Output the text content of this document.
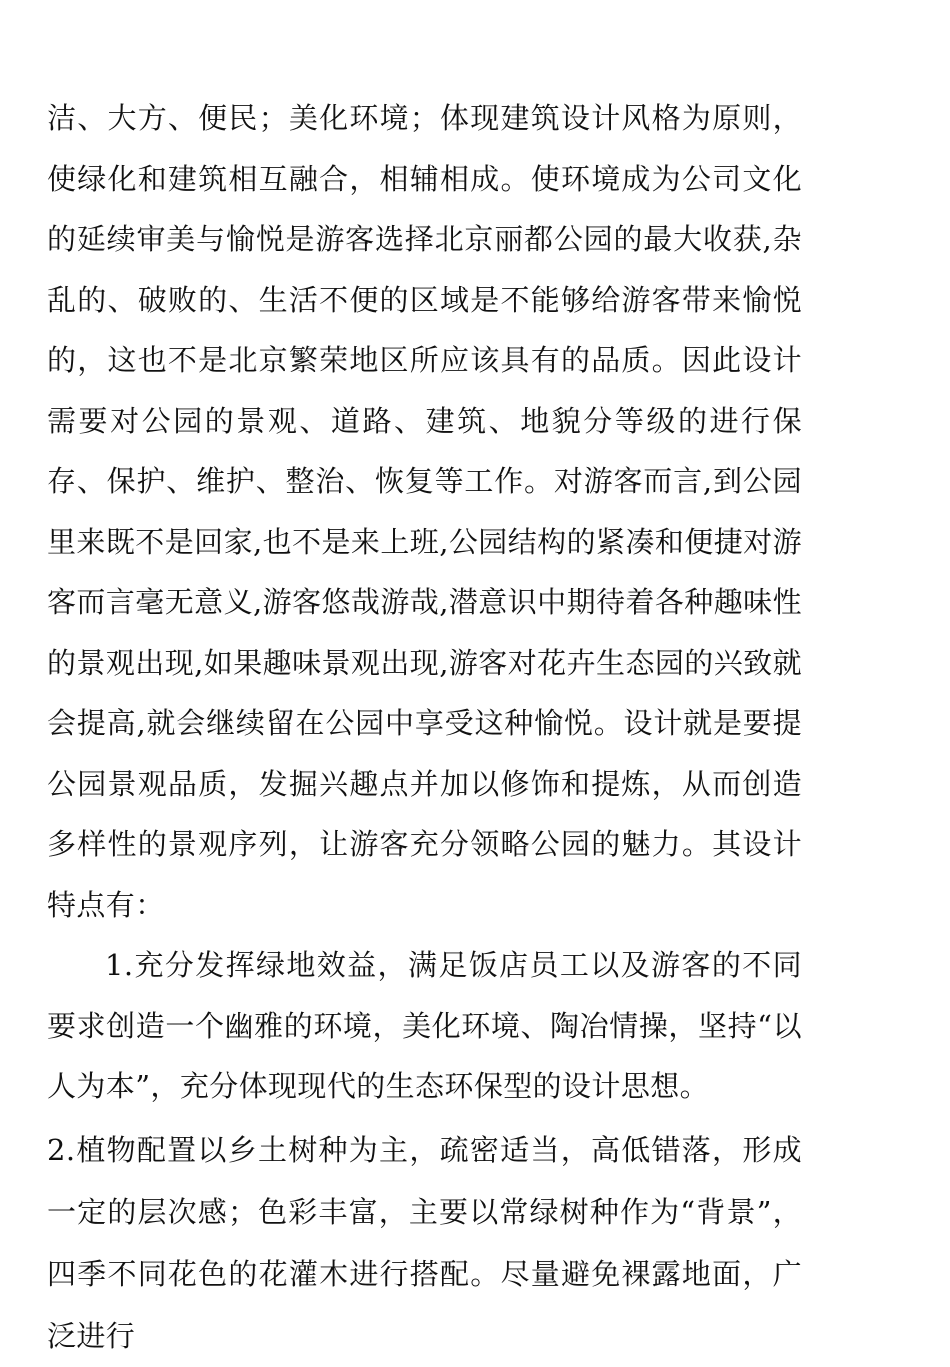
洁、大方、便民；美化环境；体现建筑设计风格为原则，使绿化和建筑相互融合，相辅相成。使环境成为公司文化的延续审美与愉悦是游客选择北京丽都公园的最大收获,杂乱的、破败的、生活不便的区域是不能够给游客带来愉悦的，这也不是北京繁荣地区所应该具有的品质。因此设计需要对公园的景观、道路、建筑、地貌分等级的进行保存、保护、维护、整治、恢复等工作。对游客而言,到公园里来既不是回家,也不是来上班,公园结构的紧凑和便捷对游客而言毫无意义,游客悠哉游哉,潜意识中期待着各种趣味性的景观出现,如果趣味景观出现,游客对花卉生态园的兴致就会提高,就会继续留在公园中享受这种愉悦。设计就是要提公园景观品质，发掘兴趣点并加以修饰和提炼，从而创造多样性的景观序列，让游客充分领略公园的魅力。其设计特点有：

1.充分发挥绿地效益，满足饭店员工以及游客的不同要求创造一个幽雅的环境，美化环境、陶冶情操，坚持“以人为本”，充分体现现代的生态环保型的设计思想。

2.植物配置以乡土树种为主，疏密适当，高低错落，形成一定的层次感；色彩丰富，主要以常绿树种作为“背景”，四季不同花色的花灌木进行搭配。尽量避免裸露地面，广泛进行
